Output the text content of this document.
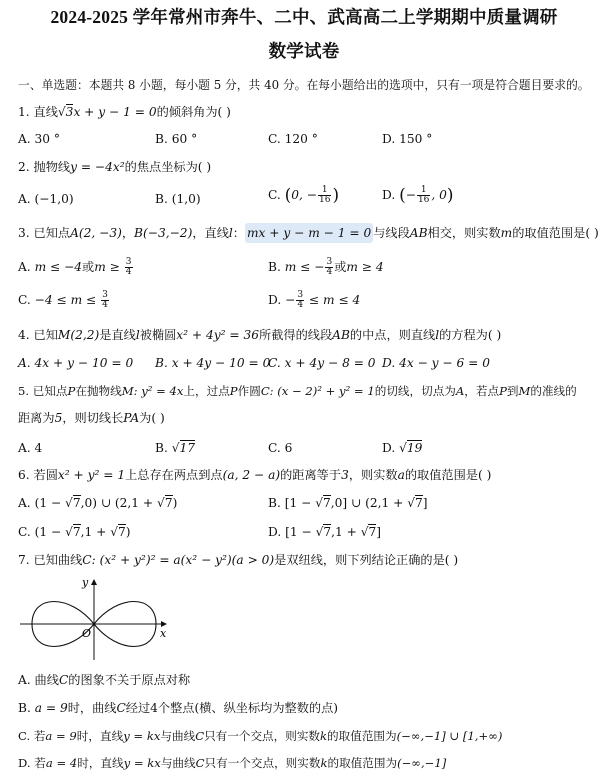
2024-2025 学年常州市奔牛、二中、武高高二上学期期中质量调研
数学试卷
一、单选题：本题共 8 小题，每小题 5 分，共 40 分。在每小题给出的选项中，只有一项是符合题目要求的。
1. 直线√3x + y − 1 = 0的倾斜角为( )
A. 30 °	B. 60 °	C. 120 °	D. 150 °
2. 抛物线y = −4x²的焦点坐标为( )
A. (−1,0)	B. (1,0)	C. (0, − $\frac{1}{16}$ )	D. (− $\frac{1}{16}$ , 0)
3. 已知点A(2, −3)，B(−3,−2)，直线l： mx + y − m − 1 = 0 与线段AB相交，则实数m的取值范围是( )
A. m ≤ −4或$m \ge \frac{3}{4}$	B. m ≤ − $\frac{3}{4}$ 或m ≥ 4
C. $-4 \le m \le \frac{3}{4}$	D. − $\frac{3}{4} \le m \le 4$
4. 已知M(2,2)是直线l被椭圆x² + 4y² = 36所截得的线段AB的中点，则直线l的方程为( )
A. 4x + y − 10 = 0 B. x + 4y − 10 = 0
C. x + 4y − 8 = 0 D. 4x − y − 6 = 0
5. 已知点P在抛物线M: y² = 4x上，过点P作圆C: (x − 2)² + y² = 1的切线，切点为A，若点P到M的准线的
距离为5，则切线长PA为( )
A. 4	B. √17	C. 6	D. √19
6. 若圆x² + y² = 1上总存在两点到点(a, 2 − a)的距离等于3，则实数a的取值范围是( )
A. (1 − √7,0) ∪ (2,1 + √7)	B. [1 − √7,0] ∪ (2,1 + √7]
C. (1 − √7,1 + √7)	D. [1 − √7,1 + √7]
7. 已知曲线C: (x² + y²)² = a(x² − y²)(a > 0)是双纽线，则下列结论正确的是( )
y
x
O
A. 曲线C的图象不关于原点对称
B. a = 9时，曲线C经过4个整点(横、纵坐标均为整数的点)
C. 若a = 9时，直线y = kx与曲线C只有一个交点，则实数k的取值范围为(−∞,−1] ∪ [1,+∞)
D. 若a = 4时，直线y = kx与曲线C只有一个交点，则实数k的取值范围为(−∞,−1]
